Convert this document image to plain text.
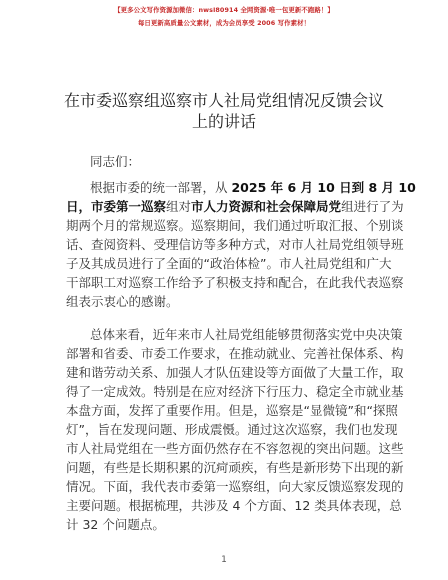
【更多公文写作资源加微信：nwsl80914 全网资源·唯一包更新不跑路！】
每日更新高质量公文素材，成为会员享受 2006 写作素材！
在市委巡察组巡察市人社局党组情况反馈会议
上的讲话
同志们：
根据市委的统一部署，从 2025 年 6 月 10 日到 8 月 10
日，市委第一巡察组对市人力资源和社会保障局党组进行了为
期两个月的常规巡察。巡察期间，我们通过听取汇报、个别谈
话、查阅资料、受理信访等多种方式，对市人社局党组领导班
子及其成员进行了全面的“政治体检”。市人社局党组和广大
干部职工对巡察工作给予了积极支持和配合，在此我代表巡察
组表示衷心的感谢。
总体来看，近年来市人社局党组能够贯彻落实党中央决策
部署和省委、市委工作要求，在推动就业、完善社保体系、构
建和谐劳动关系、加强人才队伍建设等方面做了大量工作，取
得了一定成效。特别是在应对经济下行压力、稳定全市就业基
本盘方面，发挥了重要作用。但是，巡察是“显微镜”和“探照
灯”，旨在发现问题、形成震慑。通过这次巡察，我们也发现
市人社局党组在一些方面仍然存在不容忽视的突出问题。这些
问题，有些是长期积累的沉疴顽疾，有些是新形势下出现的新
情况。下面，我代表市委第一巡察组，向大家反馈巡察发现的
主要问题。根据梳理，共涉及 4 个方面、12 类具体表现，总
计 32 个问题点。
1
